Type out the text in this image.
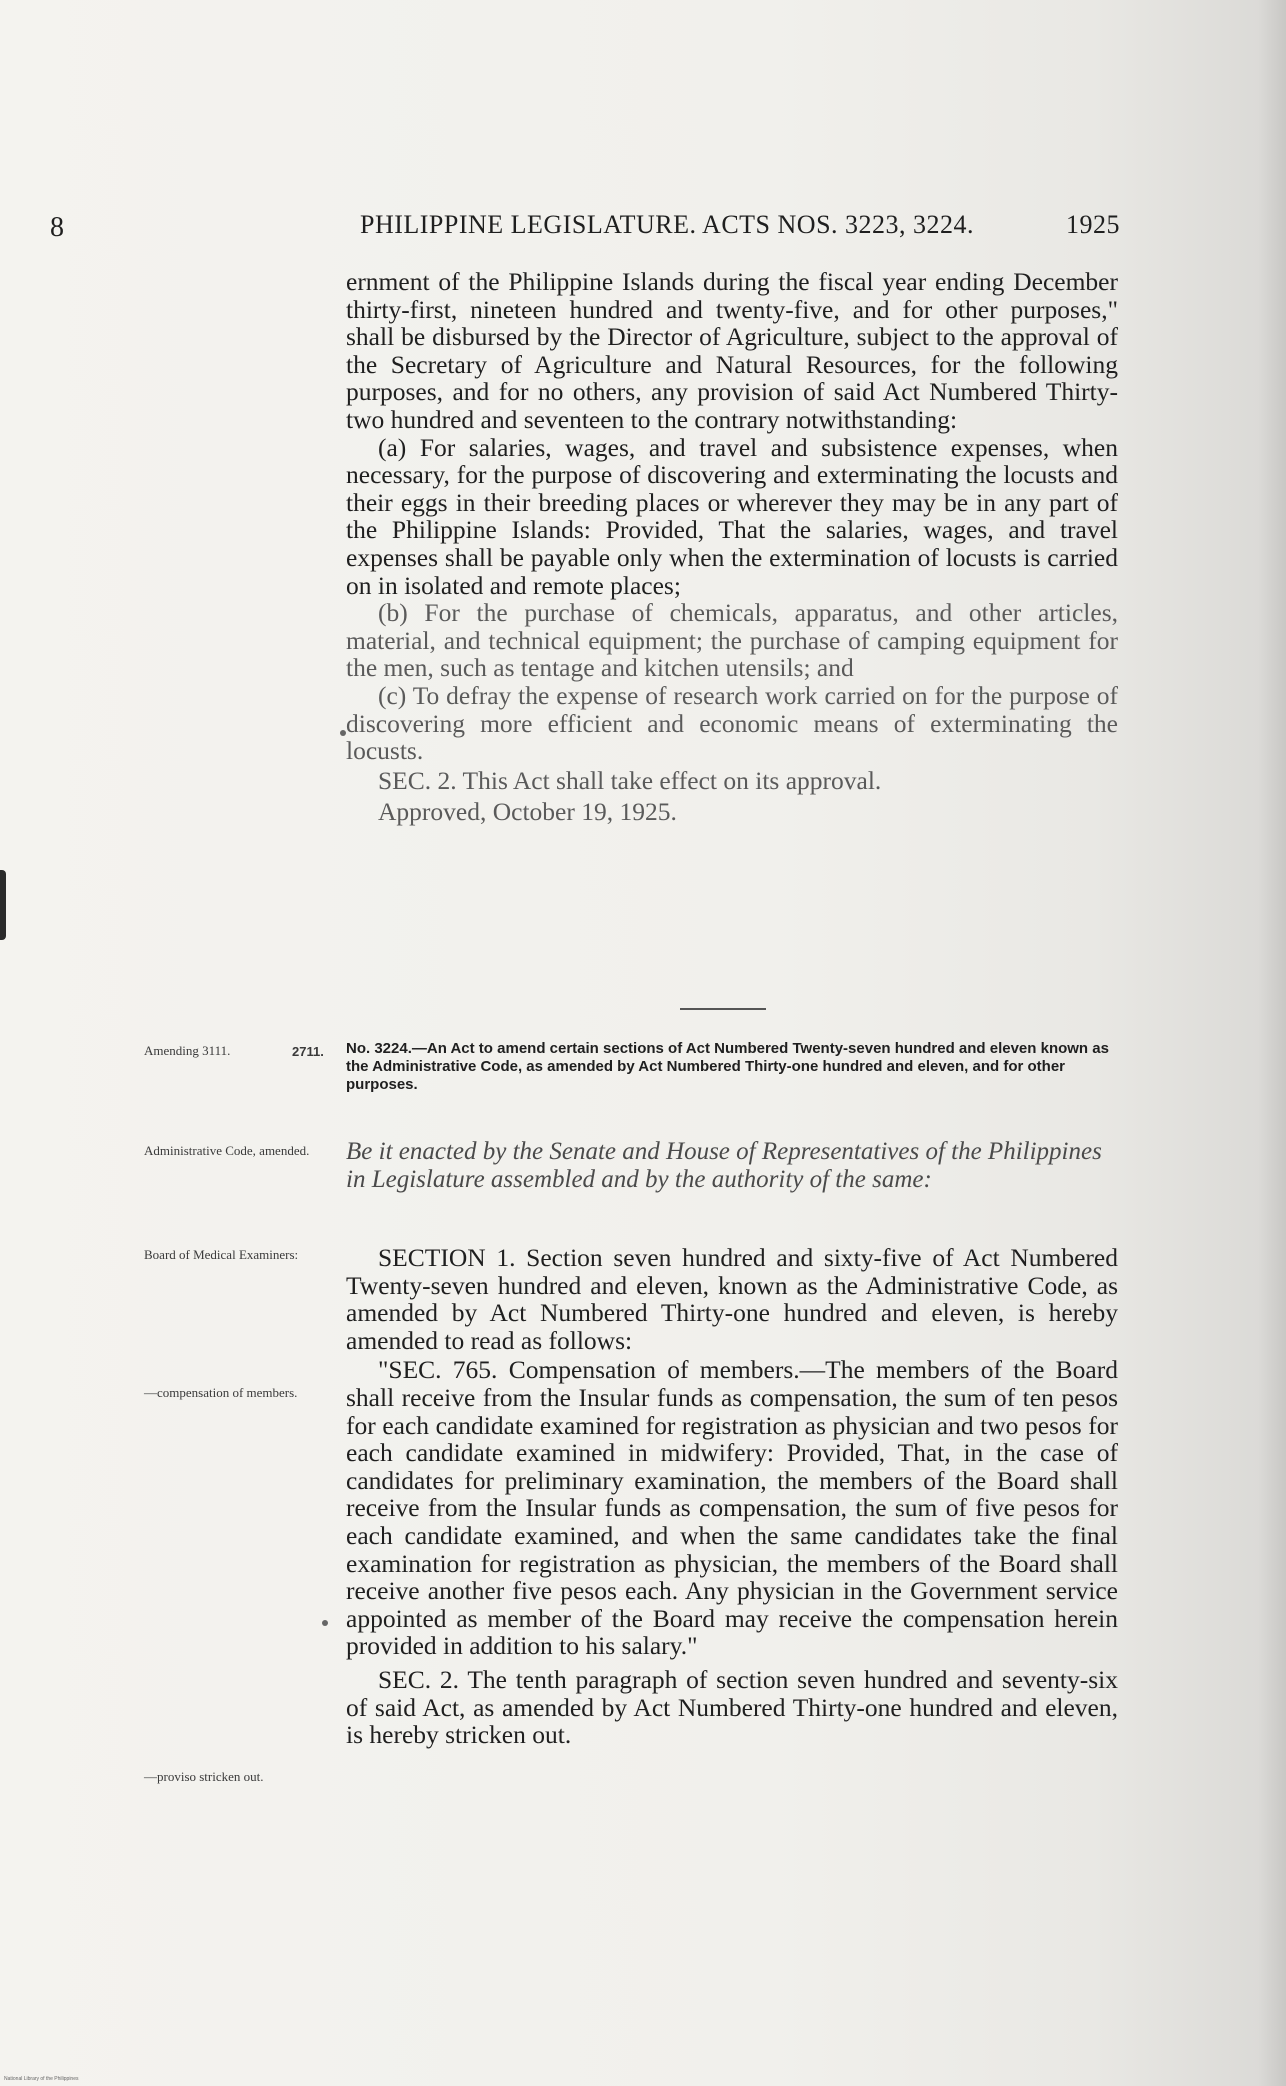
8	PHILIPPINE LEGISLATURE. ACTS NOS. 3223, 3224.	1925

ernment of the Philippine Islands during the fiscal year ending December thirty-first, nineteen hundred and twenty-five, and for other purposes," shall be disbursed by the Director of Agriculture, subject to the approval of the Secretary of Agriculture and Natural Resources, for the following purposes, and for no others, any provision of said Act Numbered Thirty-two hundred and seventeen to the contrary notwithstanding:

(a) For salaries, wages, and travel and subsistence expenses, when necessary, for the purpose of discovering and exterminating the locusts and their eggs in their breeding places or wherever they may be in any part of the Philippine Islands: Provided, That the salaries, wages, and travel expenses shall be payable only when the extermination of locusts is carried on in isolated and remote places;

(b) For the purchase of chemicals, apparatus, and other articles, material, and technical equipment; the purchase of camping equipment for the men, such as tentage and kitchen utensils; and

(c) To defray the expense of research work carried on for the purpose of discovering more efficient and economic means of exterminating the locusts.

SEC. 2. This Act shall take effect on its approval.

Approved, October 19, 1925.

Amending 3111.	2711. No. 3224.—An Act to amend certain sections of Act Numbered Twenty-seven hundred and eleven known as the Administrative Code, as amended by Act Numbered Thirty-one hundred and eleven, and for other purposes.
Administrative Code, amended.	Be it enacted by the Senate and House of Representatives of the Philippines in Legislature assembled and by the authority of the same:
Board of Medical Examiners:	SECTION 1. Section seven hundred and sixty-five of Act Numbered Twenty-seven hundred and eleven, known as the Administrative Code, as amended by Act Numbered Thirty-one hundred and eleven, is hereby amended to read as follows:

"SEC. 765. Compensation of members.—The members of the Board shall receive from the Insular funds as compensation, the sum of ten pesos for each candidate examined for registration as physician and two pesos for each candidate examined in midwifery: Provided, That, in the case of candidates for preliminary examination, the members of the Board shall receive from the Insular funds as compensation, the sum of five pesos for each candidate examined, and when the same candidates take the final examination for registration as physician, the members of the Board shall receive another five pesos each. Any physician in the Government service appointed as member of the Board may receive the compensation herein provided in addition to his salary."

SEC. 2. The tenth paragraph of section seven hundred and seventy-six of said Act, as amended by Act Numbered Thirty-one hundred and eleven, is hereby stricken out.

—compensation of members.
—proviso stricken out.
National Library of the Philippines
